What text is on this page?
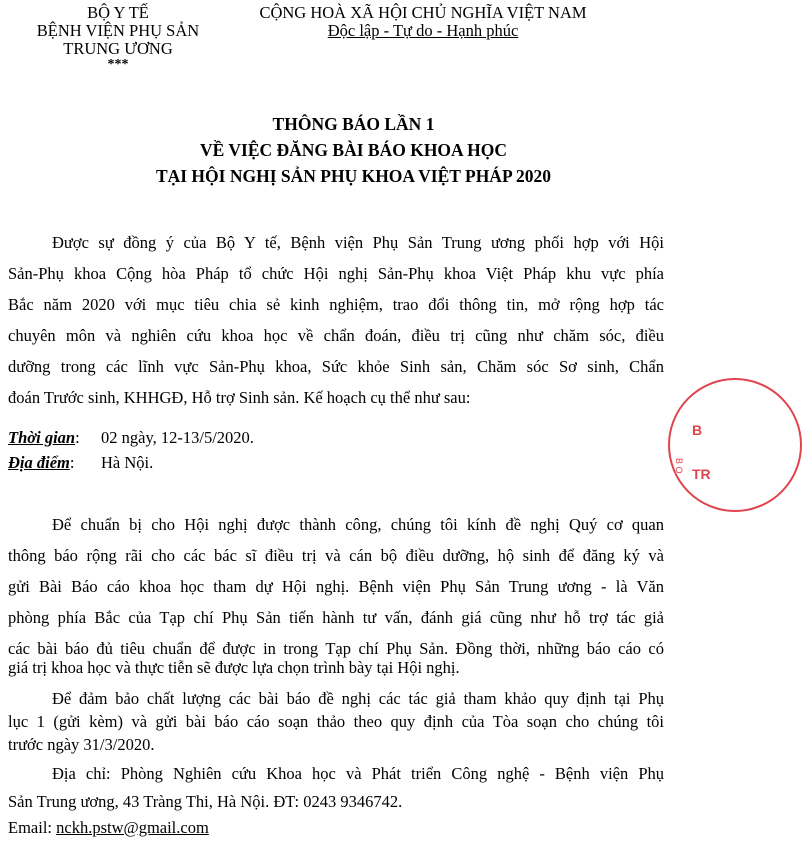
BỘ Y TẾ
BỆNH VIỆN PHỤ SẢN
TRUNG ƯƠNG
***
CỘNG HOÀ XÃ HỘI CHỦ NGHĨA VIỆT NAM
Độc lập - Tự do - Hạnh phúc
THÔNG BÁO LẦN 1
VỀ VIỆC ĐĂNG BÀI BÁO KHOA HỌC
TẠI HỘI NGHỊ SẢN PHỤ KHOA VIỆT PHÁP 2020
Được sự đồng ý của Bộ Y tế, Bệnh viện Phụ Sản Trung ương phối hợp với Hội
Sản-Phụ khoa Cộng hòa Pháp tổ chức Hội nghị Sản-Phụ khoa Việt Pháp khu vực phía
Bắc năm 2020 với mục tiêu chia sẻ kinh nghiệm, trao đổi thông tin, mở rộng hợp tác
chuyên môn và nghiên cứu khoa học về chẩn đoán, điều trị cũng như chăm sóc, điều
dưỡng trong các lĩnh vực Sản-Phụ khoa, Sức khỏe Sinh sản, Chăm sóc Sơ sinh, Chẩn
đoán Trước sinh, KHHGĐ, Hỗ trợ Sinh sản. Kế hoạch cụ thể như sau:
Thời gian: 02 ngày, 12-13/5/2020.
Địa điểm: Hà Nội.
Để chuẩn bị cho Hội nghị được thành công, chúng tôi kính đề nghị Quý cơ quan
thông báo rộng rãi cho các bác sĩ điều trị và cán bộ điều dưỡng, hộ sinh để đăng ký và
gửi Bài Báo cáo khoa học tham dự Hội nghị. Bệnh viện Phụ Sản Trung ương - là Văn
phòng phía Bắc của Tạp chí Phụ Sản tiến hành tư vấn, đánh giá cũng như hỗ trợ tác giả
các bài báo đủ tiêu chuẩn để được in trong Tạp chí Phụ Sản. Đồng thời, những báo cáo có
giá trị khoa học và thực tiễn sẽ được lựa chọn trình bày tại Hội nghị.
Để đảm bảo chất lượng các bài báo đề nghị các tác giả tham khảo quy định tại Phụ
lục 1 (gửi kèm) và gửi bài báo cáo soạn thảo theo quy định của Tòa soạn cho chúng tôi
trước ngày 31/3/2020.
Địa chỉ: Phòng Nghiên cứu Khoa học và Phát triển Công nghệ - Bệnh viện Phụ
B
B O
TR
Sản Trung ương, 43 Tràng Thi, Hà Nội. ĐT: 0243 9346742.
Email: nckh.pstw@gmail.com
